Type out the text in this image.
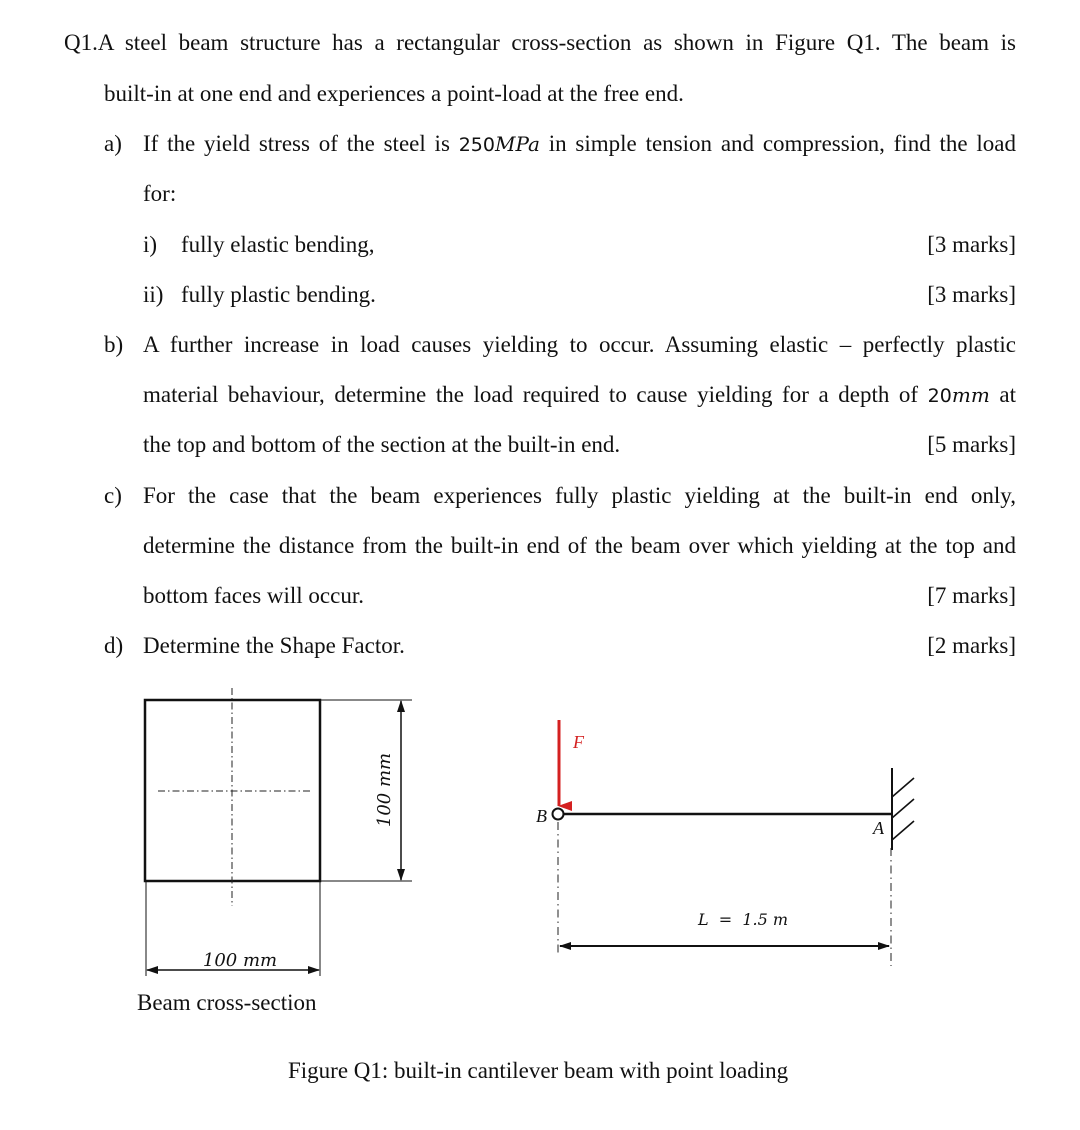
Q1.A steel beam structure has a rectangular cross-section as shown in Figure Q1. The beam is
built-in at one end and experiences a point-load at the free end.
a) If the yield stress of the steel is 250MPa in simple tension and compression, find the load
for:
i) fully elastic bending,	[3 marks]
ii) fully plastic bending.	[3 marks]
b) A further increase in load causes yielding to occur. Assuming elastic – perfectly plastic
material behaviour, determine the load required to cause yielding for a depth of 20mm at
the top and bottom of the section at the built-in end.	[5 marks]
c) For the case that the beam experiences fully plastic yielding at the built-in end only,
determine the distance from the built-in end of the beam over which yielding at the top and
bottom faces will occur.	[7 marks]
d) Determine the Shape Factor.	[2 marks]
100 mm
100 mm
F
B
A
L  =  1.5 m
Beam cross-section
Figure Q1: built-in cantilever beam with point loading
